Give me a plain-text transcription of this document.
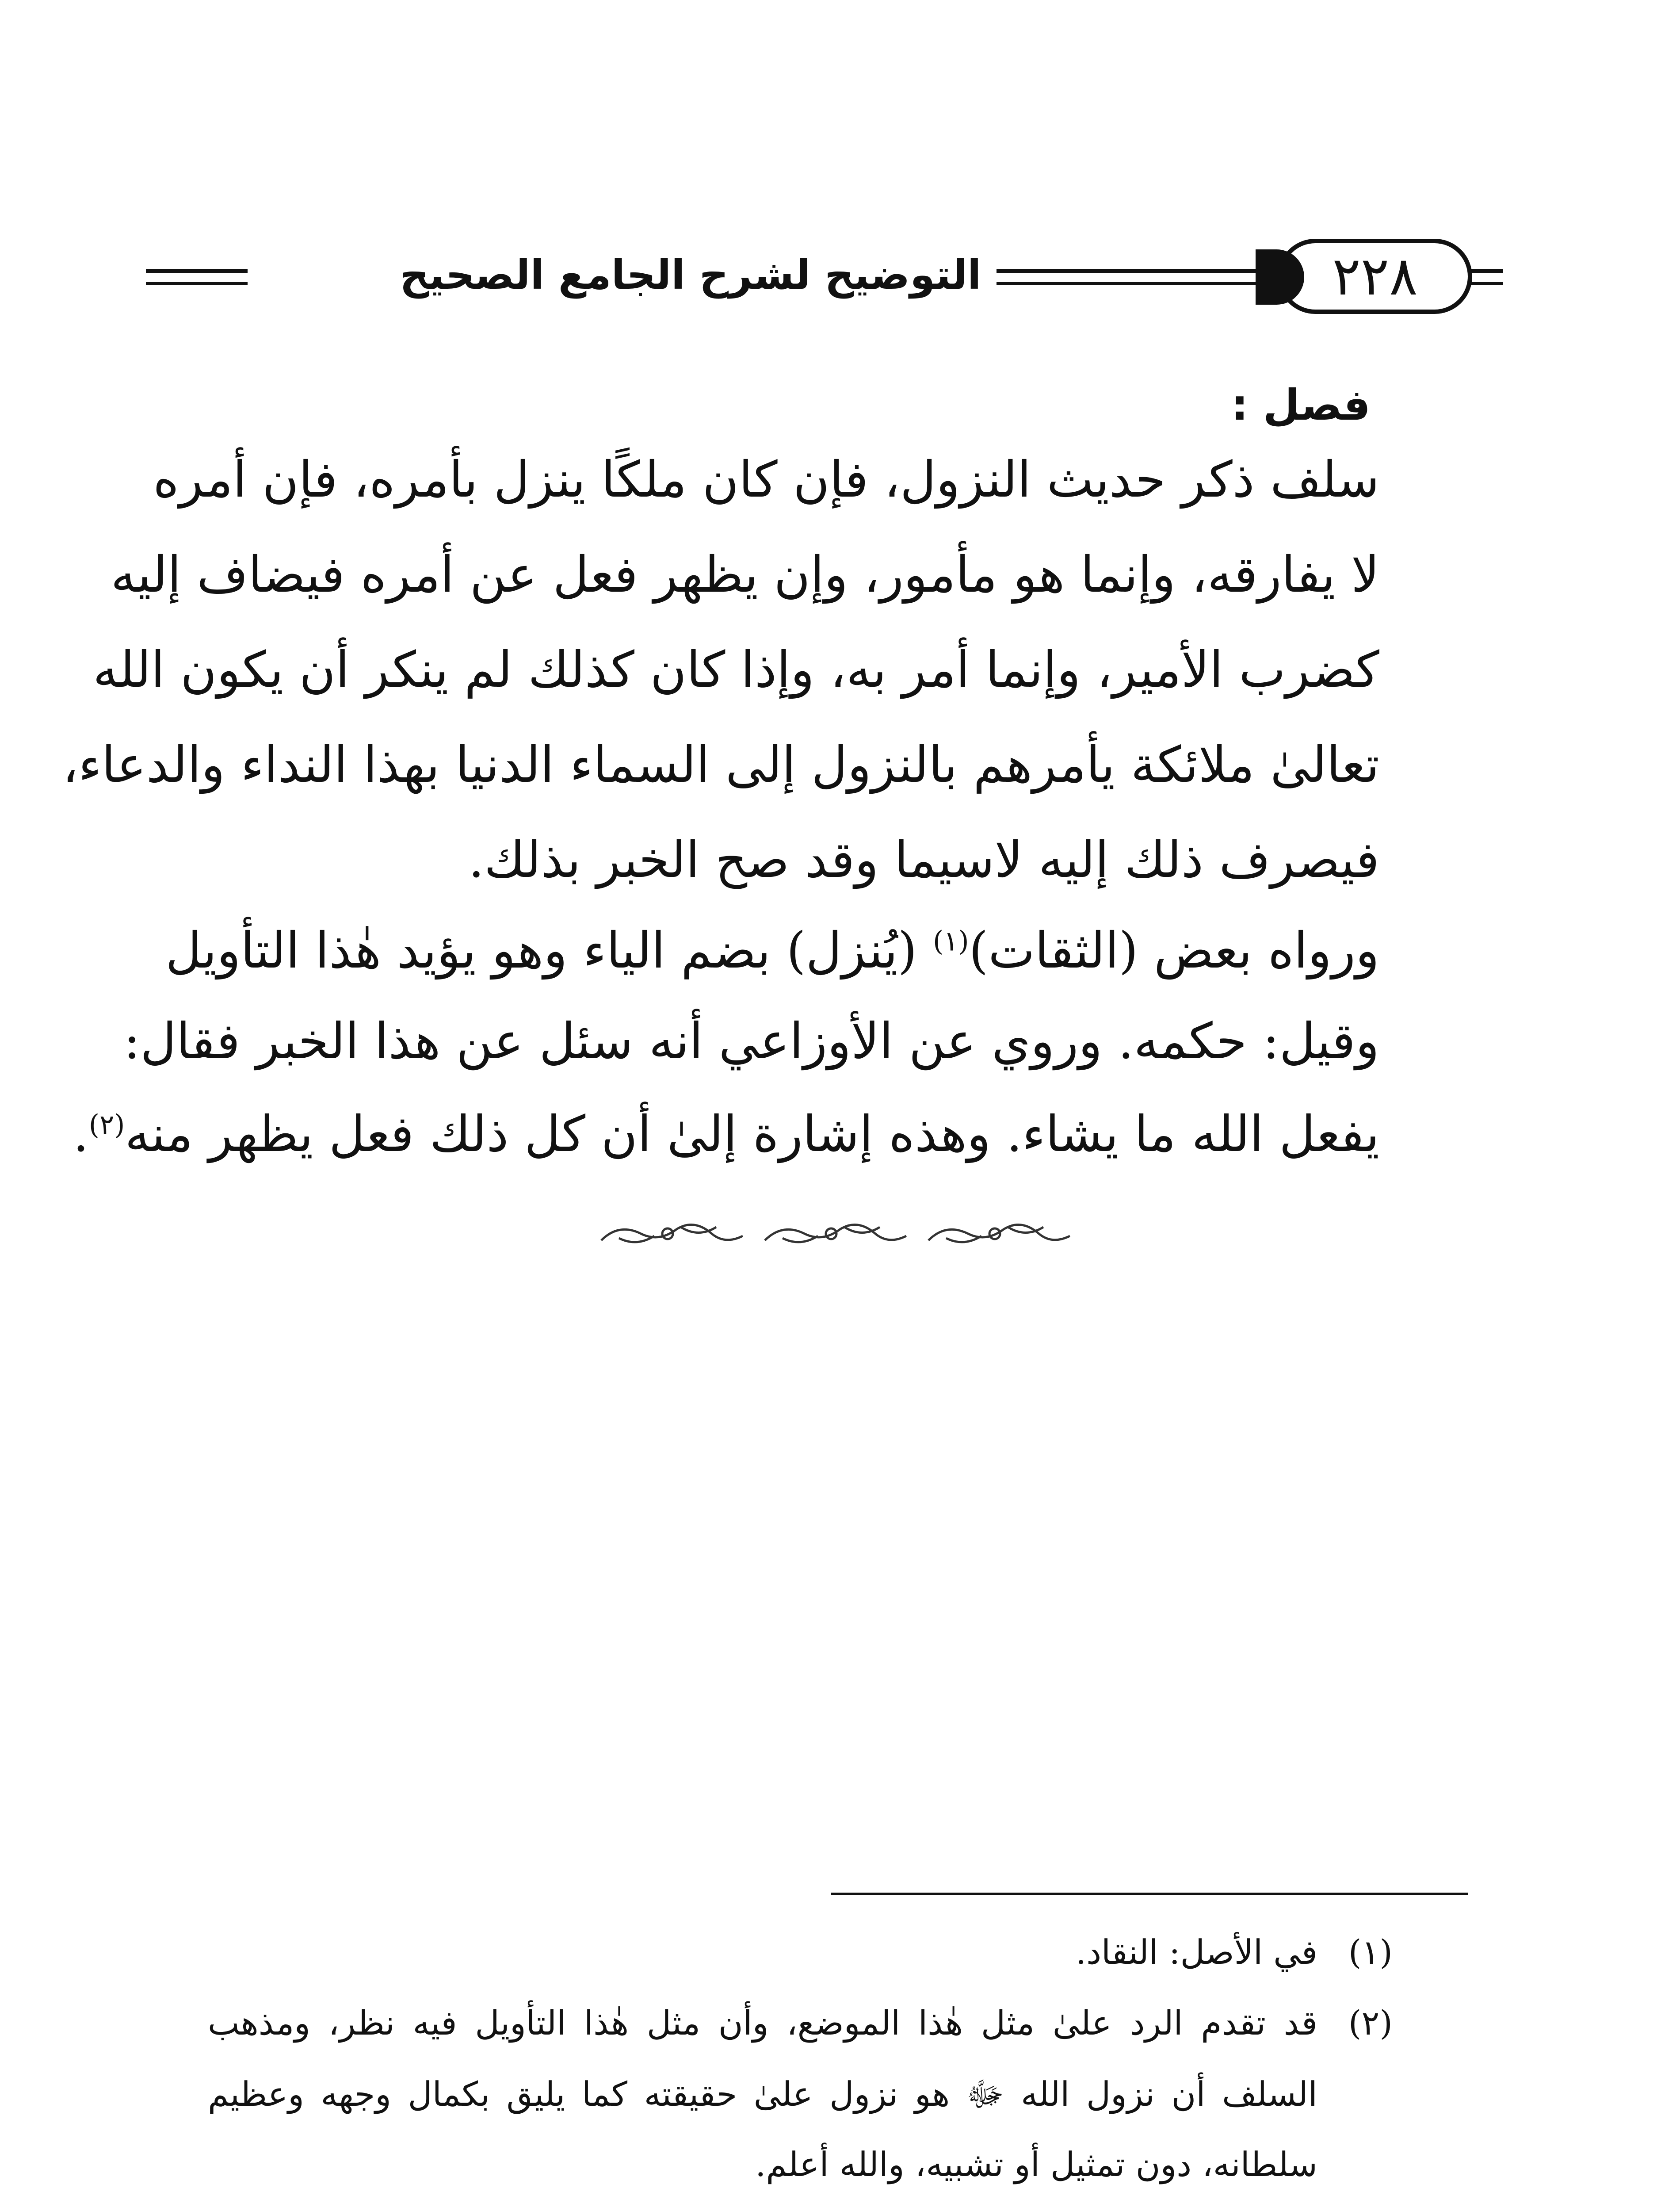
التوضيح لشرح الجامع الصحيح	٢٢٨
فصل :
سلف ذكر حديث النزول، فإن كان ملكًا ينزل بأمره، فإن أمره
لا يفارقه، وإنما هو مأمور، وإن يظهر فعل عن أمره فيضاف إليه
كضرب الأمير، وإنما أمر به، وإذا كان كذلك لم ينكر أن يكون الله
تعالىٰ ملائكة يأمرهم بالنزول إلى السماء الدنيا بهذا النداء والدعاء،
فيصرف ذلك إليه لاسيما وقد صح الخبر بذلك.
ورواه بعض (الثقات)$^{(١)}$ (يُنزل) بضم الياء وهو يؤيد هٰذا التأويل
وقيل: حكمه. وروي عن الأوزاعي أنه سئل عن هذا الخبر فقال:
يفعل الله ما يشاء. وهذه إشارة إلىٰ أن كل ذلك فعل يظهر منه$^{(٢)}$.
(١)في الأصل: النقاد.
(٢)
قد تقدم الرد علىٰ مثل هٰذا الموضع، وأن مثل هٰذا التأويل فيه نظر، ومذهب
السلف أن نزول الله ﷻ هو نزول علىٰ حقيقته كما يليق بكمال وجهه وعظيم
سلطانه، دون تمثيل أو تشبيه، والله أعلم.
